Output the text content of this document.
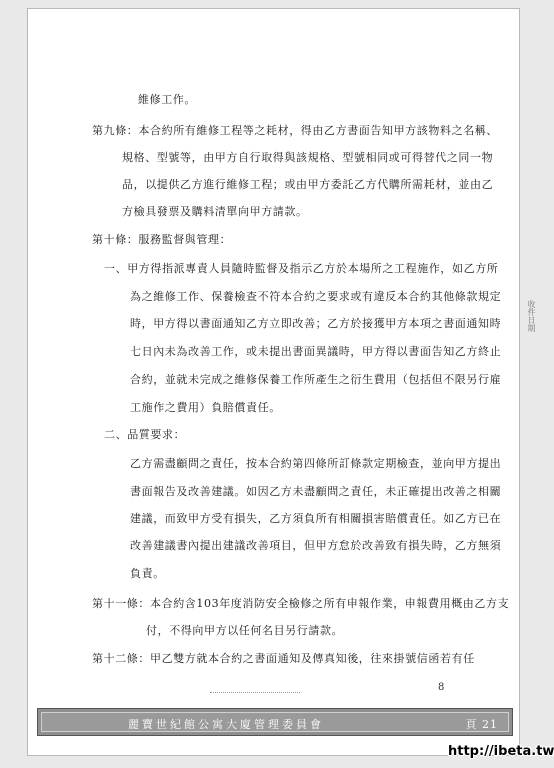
維修工作。
第九條：本合約所有維修工程等之耗材，得由乙方書面告知甲方該物料之名稱、
規格、型號等，由甲方自行取得與該規格、型號相同或可得替代之同一物
品，以提供乙方進行維修工程；或由甲方委託乙方代購所需耗材，並由乙
方檢具發票及購料清單向甲方請款。
第十條：服務監督與管理：
一、甲方得指派專責人員隨時監督及指示乙方於本場所之工程施作，如乙方所
為之維修工作、保養檢查不符本合約之要求或有違反本合約其他條款規定
時，甲方得以書面通知乙方立即改善；乙方於接獲甲方本項之書面通知時
七日內未為改善工作，或未提出書面異議時，甲方得以書面告知乙方終止
合約，並就未完成之維修保養工作所產生之衍生費用（包括但不限另行雇
工施作之費用）負賠償責任。
二、品質要求：
乙方需盡顧問之責任，按本合約第四條所訂條款定期檢查，並向甲方提出
書面報告及改善建議。如因乙方未盡顧問之責任，未正確提出改善之相關
建議，而致甲方受有損失，乙方須負所有相關損害賠償責任。如乙方已在
改善建議書內提出建議改善項目，但甲方怠於改善致有損失時，乙方無須
負責。
第十一條：本合約含103年度消防安全檢修之所有申報作業，申報費用概由乙方支
付，不得向甲方以任何名目另行請款。
第十二條：甲乙雙方就本合約之書面通知及傳真知後，往來掛號信函若有任
8
麗寶世紀館公寓大廈管理委員會	頁 21
收件日期
http://ibeta.tw
